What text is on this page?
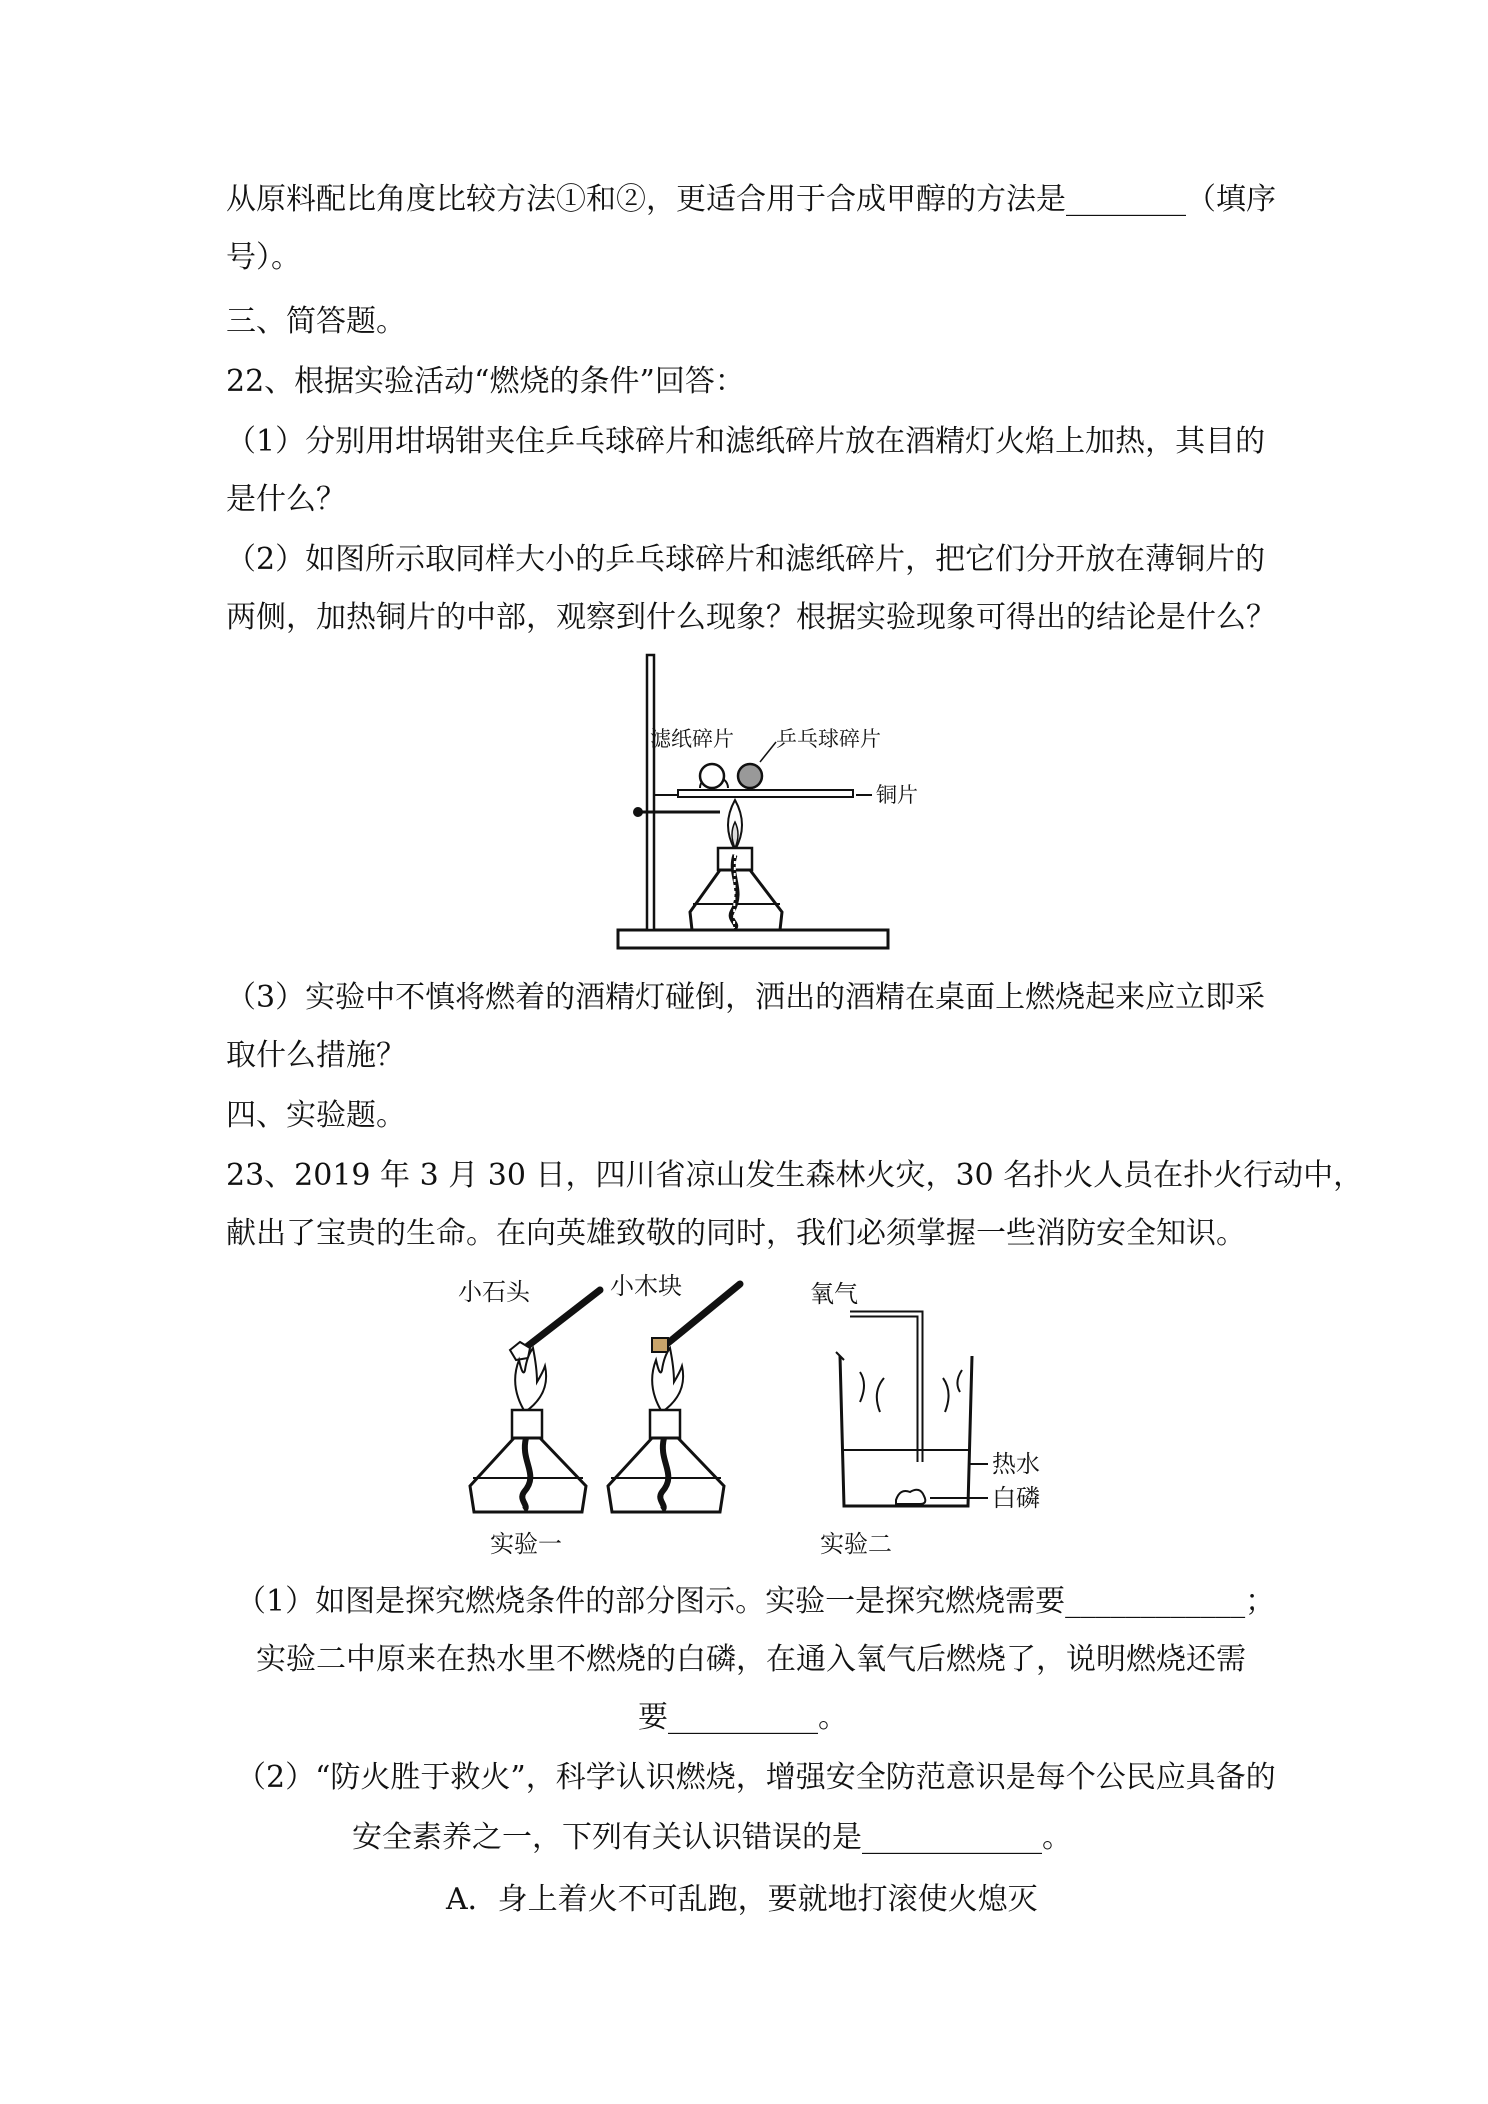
从原料配比角度比较方法①和②，更适合用于合成甲醇的方法是________（填序
号）。
三、简答题。
22、根据实验活动“燃烧的条件”回答：
（1）分别用坩埚钳夹住乒乓球碎片和滤纸碎片放在酒精灯火焰上加热，其目的
是什么？
（2）如图所示取同样大小的乒乓球碎片和滤纸碎片，把它们分开放在薄铜片的
两侧，加热铜片的中部，观察到什么现象？根据实验现象可得出的结论是什么？
滤纸碎片 乒乓球碎片
铜片
（3）实验中不慎将燃着的酒精灯碰倒，洒出的酒精在桌面上燃烧起来应立即采
取什么措施？
四、实验题。
23、2019 年 3 月 30 日，四川省凉山发生森林火灾，30 名扑火人员在扑火行动中，
献出了宝贵的生命。在向英雄致敬的同时，我们必须掌握一些消防安全知识。
小石头
实验一
小木块	氧气
热水
白磷
实验二
（1）如图是探究燃烧条件的部分图示。实验一是探究燃烧需要____________；
实验二中原来在热水里不燃烧的白磷，在通入氧气后燃烧了，说明燃烧还需
要__________。
（2）“防火胜于救火”，科学认识燃烧，增强安全防范意识是每个公民应具备的
安全素养之一，下列有关认识错误的是____________。
A．身上着火不可乱跑，要就地打滚使火熄灭
